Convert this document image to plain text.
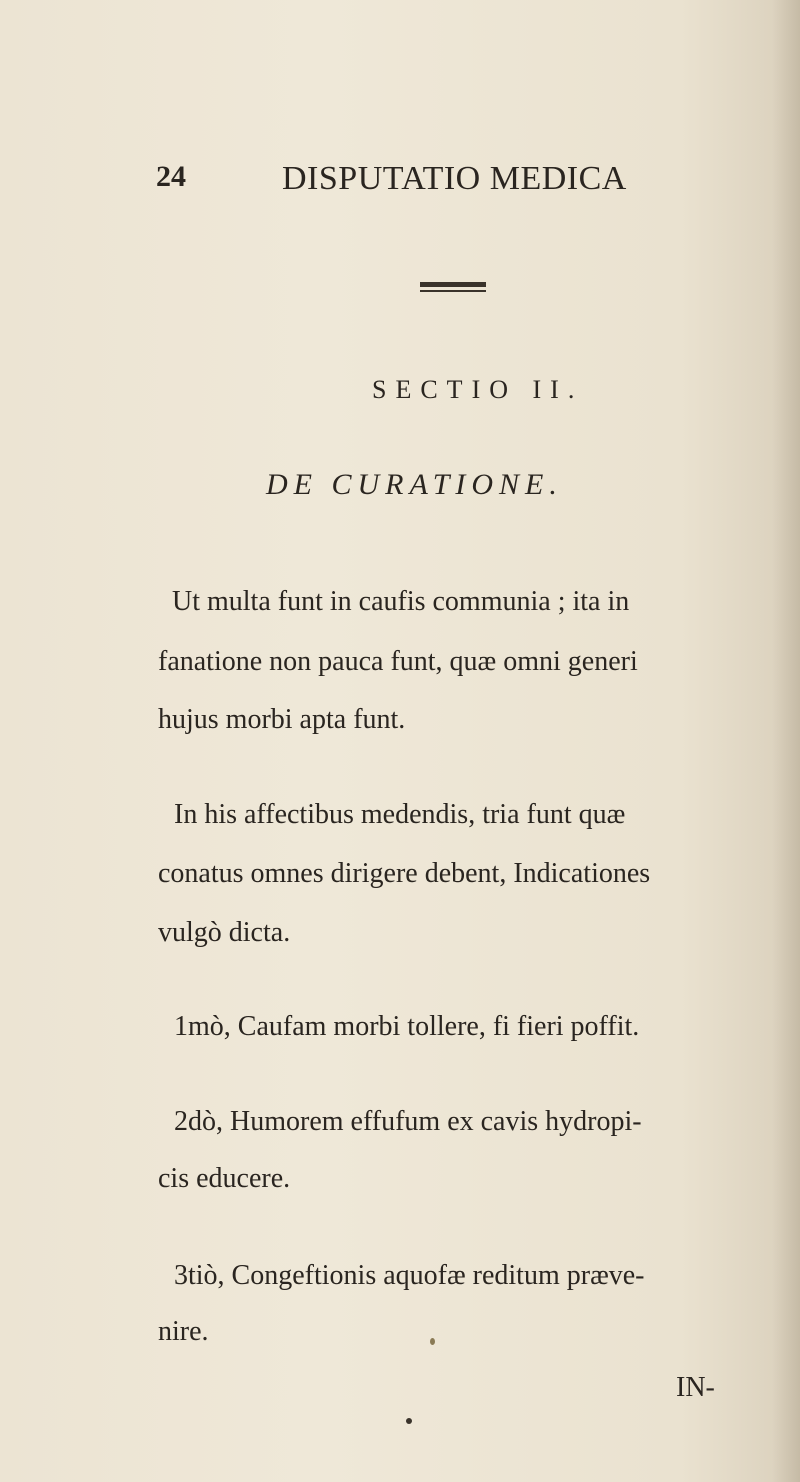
24	DISPUTATIO MEDICA
SECTIO II.
DE CURATIONE.
Ut multa funt in caufis communia ; ita in
fanatione non pauca funt, quæ omni generi
hujus morbi apta funt.
In his affectibus medendis, tria funt quæ
conatus omnes dirigere debent, Indicationes
vulgò dicta.
1mò, Caufam morbi tollere, fi fieri poffit.
2dò, Humorem effufum ex cavis hydropi-
cis educere.
3tiò, Congeftionis aquofæ reditum præve-
nire.
IN-
